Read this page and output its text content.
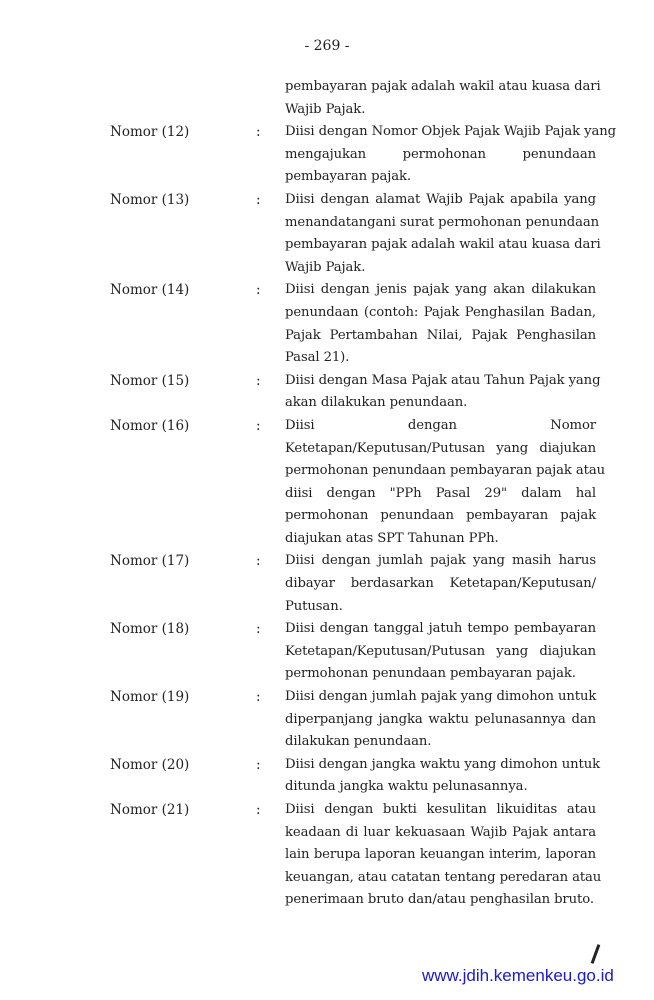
- 269 -
pembayaran pajak adalah wakil atau kuasa dari
Wajib Pajak.
Nomor (12)	: Diisi dengan Nomor Objek Pajak Wajib Pajak yang
mengajukan permohonan penundaan
pembayaran pajak.
Nomor (13)	: Diisi dengan alamat Wajib Pajak apabila yang
menandatangani surat permohonan penundaan
pembayaran pajak adalah wakil atau kuasa dari
Wajib Pajak.
Nomor (14)	: Diisi dengan jenis pajak yang akan dilakukan
penundaan (contoh: Pajak Penghasilan Badan,
Pajak Pertambahan Nilai, Pajak Penghasilan
Pasal 21).
Nomor (15)	: Diisi dengan Masa Pajak atau Tahun Pajak yang
akan dilakukan penundaan.
Nomor (16)	: Diisi dengan Nomor
Ketetapan/Keputusan/Putusan yang diajukan
permohonan penundaan pembayaran pajak atau
diisi dengan "PPh Pasal 29" dalam hal
permohonan penundaan pembayaran pajak
diajukan atas SPT Tahunan PPh.
Nomor (17)	: Diisi dengan jumlah pajak yang masih harus
dibayar berdasarkan Ketetapan/Keputusan/
Putusan.
Nomor (18)	: Diisi dengan tanggal jatuh tempo pembayaran
Ketetapan/Keputusan/Putusan yang diajukan
permohonan penundaan pembayaran pajak.
Nomor (19)	: Diisi dengan jumlah pajak yang dimohon untuk
diperpanjang jangka waktu pelunasannya dan
dilakukan penundaan.
Nomor (20)	: Diisi dengan jangka waktu yang dimohon untuk
ditunda jangka waktu pelunasannya.
Nomor (21)	: Diisi dengan bukti kesulitan likuiditas atau
keadaan di luar kekuasaan Wajib Pajak antara
lain berupa laporan keuangan interim, laporan
keuangan, atau catatan tentang peredaran atau
penerimaan bruto dan/atau penghasilan bruto.
www.jdih.kemenkeu.go.id
